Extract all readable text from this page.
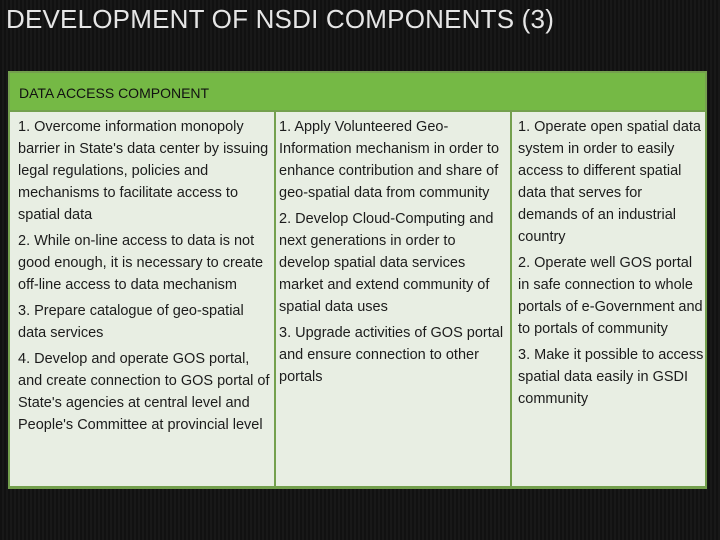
DEVELOPMENT OF NSDI COMPONENTS (3)
DATA ACCESS COMPONENT

1. Overcome information monopoly barrier in State's data center by issuing legal regulations, policies and mechanisms to facilitate access to spatial data

2. While on-line access to data is not good enough, it is necessary to create off-line access to data mechanism

3. Prepare catalogue of geo-spatial data services

4. Develop and operate GOS portal, and create connection to GOS portal of State's agencies at central level and People's Committee at provincial level

1. Apply Volunteered Geo-Information mechanism in order to enhance contribution and share of geo-spatial data from community

2. Develop Cloud-Computing and next generations in order to develop spatial data services market and extend community of spatial data uses

3. Upgrade activities of GOS portal and ensure connection to other portals

1. Operate open spatial data system in order to easily access to different spatial data that serves for demands of an industrial country

2. Operate well GOS portal in safe connection to whole portals of e-Government and to portals of community

3. Make it possible to access spatial data easily in GSDI community
